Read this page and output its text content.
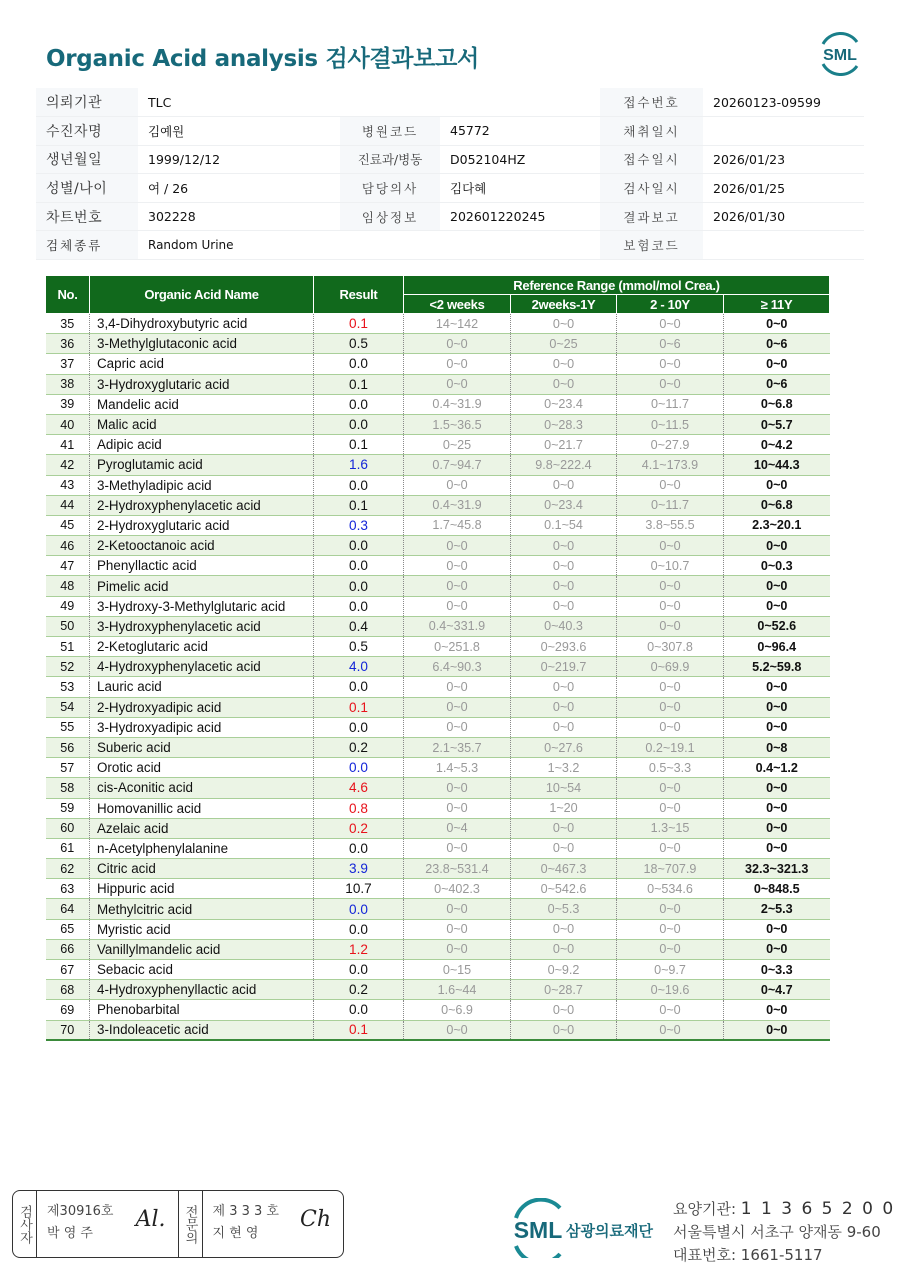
Organic Acid analysis 검사결과보고서	SML
의뢰기관	TLC			접수번호	20260123-09599
수진자명	김예원	병원코드	45772	채취일시	
생년월일	1999/12/12	진료과/병동	D052104HZ	접수일시	2026/01/23
성별/나이	여 / 26	담당의사	김다혜	검사일시	2026/01/25
차트번호	302228	임상정보	202601220245	결과보고	2026/01/30
검체종류	Random Urine			보험코드	
No.	Organic Acid Name	Result	Reference Range (mmol/mol Crea.)			
			<2 weeks	2weeks-1Y	2 - 10Y	≥ 11Y
35	3,4-Dihydroxybutyric acid	0.1	14~142	0~0	0~0	0~0
36	3-Methylglutaconic acid	0.5	0~0	0~25	0~6	0~6
37	Capric acid	0.0	0~0	0~0	0~0	0~0
38	3-Hydroxyglutaric acid	0.1	0~0	0~0	0~0	0~6
39	Mandelic acid	0.0	0.4~31.9	0~23.4	0~11.7	0~6.8
40	Malic acid	0.0	1.5~36.5	0~28.3	0~11.5	0~5.7
41	Adipic acid	0.1	0~25	0~21.7	0~27.9	0~4.2
42	Pyroglutamic acid	1.6	0.7~94.7	9.8~222.4	4.1~173.9	10~44.3
43	3-Methyladipic acid	0.0	0~0	0~0	0~0	0~0
44	2-Hydroxyphenylacetic acid	0.1	0.4~31.9	0~23.4	0~11.7	0~6.8
45	2-Hydroxyglutaric acid	0.3	1.7~45.8	0.1~54	3.8~55.5	2.3~20.1
46	2-Ketooctanoic acid	0.0	0~0	0~0	0~0	0~0
47	Phenyllactic acid	0.0	0~0	0~0	0~10.7	0~0.3
48	Pimelic acid	0.0	0~0	0~0	0~0	0~0
49	3-Hydroxy-3-Methylglutaric acid	0.0	0~0	0~0	0~0	0~0
50	3-Hydroxyphenylacetic acid	0.4	0.4~331.9	0~40.3	0~0	0~52.6
51	2-Ketoglutaric acid	0.5	0~251.8	0~293.6	0~307.8	0~96.4
52	4-Hydroxyphenylacetic acid	4.0	6.4~90.3	0~219.7	0~69.9	5.2~59.8
53	Lauric acid	0.0	0~0	0~0	0~0	0~0
54	2-Hydroxyadipic acid	0.1	0~0	0~0	0~0	0~0
55	3-Hydroxyadipic acid	0.0	0~0	0~0	0~0	0~0
56	Suberic acid	0.2	2.1~35.7	0~27.6	0.2~19.1	0~8
57	Orotic acid	0.0	1.4~5.3	1~3.2	0.5~3.3	0.4~1.2
58	cis-Aconitic acid	4.6	0~0	10~54	0~0	0~0
59	Homovanillic acid	0.8	0~0	1~20	0~0	0~0
60	Azelaic acid	0.2	0~4	0~0	1.3~15	0~0
61	n-Acetylphenylalanine	0.0	0~0	0~0	0~0	0~0
62	Citric acid	3.9	23.8~531.4	0~467.3	18~707.9	32.3~321.3
63	Hippuric acid	10.7	0~402.3	0~542.6	0~534.6	0~848.5
64	Methylcitric acid	0.0	0~0	0~5.3	0~0	2~5.3
65	Myristic acid	0.0	0~0	0~0	0~0	0~0
66	Vanillylmandelic acid	1.2	0~0	0~0	0~0	0~0
67	Sebacic acid	0.0	0~15	0~9.2	0~9.7	0~3.3
68	4-Hydroxyphenyllactic acid	0.2	1.6~44	0~28.7	0~19.6	0~4.7
69	Phenobarbital	0.0	0~6.9	0~0	0~0	0~0
70	3-Indoleacetic acid	0.1	0~0	0~0	0~0	0~0
검사자	제30916호
박 영 주
Al.	전문의	제 3 3 3 호
지 현 영
Ch	SML 삼광의료재단
요양기관: 1 1 3 6 5 2 0 0
서울특별시 서초구 양재동 9-60
대표번호: 1661-5117
